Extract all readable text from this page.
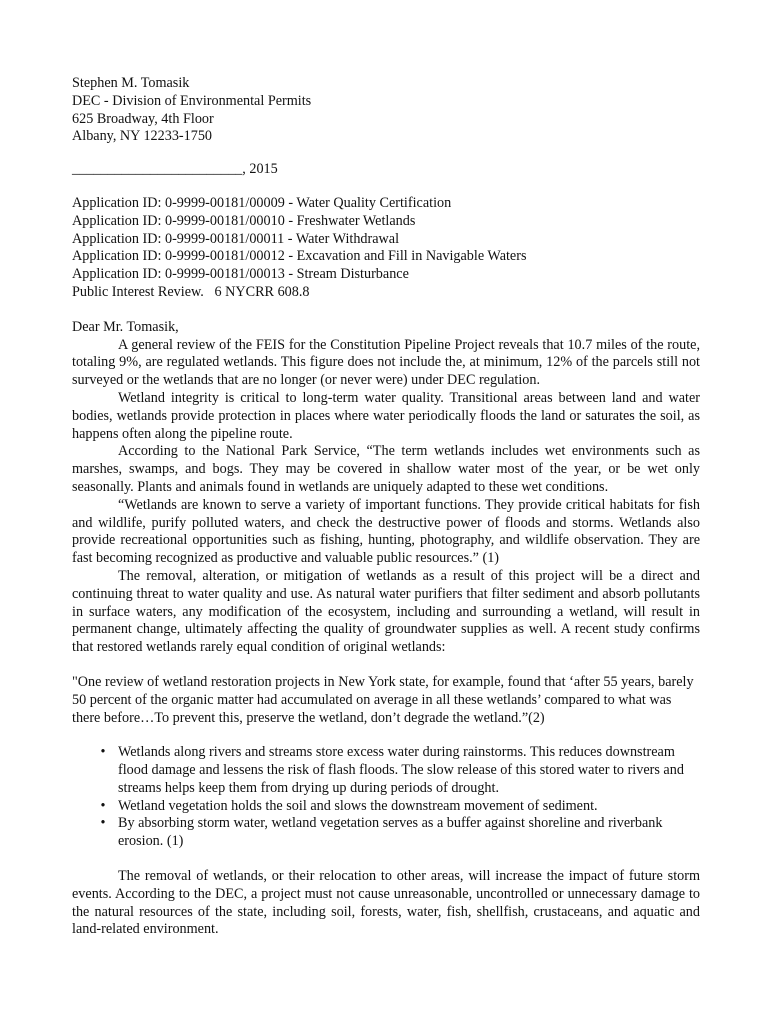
Stephen M. Tomasik
DEC - Division of Environmental Permits
625 Broadway, 4th Floor
Albany, NY 12233-1750
________________________, 2015
Application ID: 0-9999-00181/00009 - Water Quality Certification
Application ID: 0-9999-00181/00010 - Freshwater Wetlands
Application ID: 0-9999-00181/00011 - Water Withdrawal
Application ID: 0-9999-00181/00012 - Excavation and Fill in Navigable Waters
Application ID: 0-9999-00181/00013 - Stream Disturbance
Public Interest Review.   6 NYCRR 608.8
Dear Mr. Tomasik,

A general review of the FEIS for the Constitution Pipeline Project reveals that 10.7 miles of the route, totaling 9%, are regulated wetlands. This figure does not include the, at minimum, 12% of the parcels still not surveyed or the wetlands that are no longer (or never were) under DEC regulation.

Wetland integrity is critical to long-term water quality. Transitional areas between land and water bodies, wetlands provide protection in places where water periodically floods the land or saturates the soil, as happens often along the pipeline route.

According to the National Park Service, “The term wetlands includes wet environments such as marshes, swamps, and bogs. They may be covered in shallow water most of the year, or be wet only seasonally. Plants and animals found in wetlands are uniquely adapted to these wet conditions.

“Wetlands are known to serve a variety of important functions. They provide critical habitats for fish and wildlife, purify polluted waters, and check the destructive power of floods and storms. Wetlands also provide recreational opportunities such as fishing, hunting, photography, and wildlife observation. They are fast becoming recognized as productive and valuable public resources.” (1)

The removal, alteration, or mitigation of wetlands as a result of this project will be a direct and continuing threat to water quality and use. As natural water purifiers that filter sediment and absorb pollutants in surface waters, any modification of the ecosystem, including and surrounding a wetland, will result in permanent change, ultimately affecting the quality of groundwater supplies as well. A recent study confirms that restored wetlands rarely equal condition of original wetlands:

"One review of wetland restoration projects in New York state, for example, found that ‘after 55 years, barely 50 percent of the organic matter had accumulated on average in all these wetlands’ compared to what was there before…To prevent this, preserve the wetland, don’t degrade the wetland.”(2)
• Wetlands along rivers and streams store excess water during rainstorms. This reduces downstream flood damage and lessens the risk of flash floods. The slow release of this stored water to rivers and streams helps keep them from drying up during periods of drought.
• Wetland vegetation holds the soil and slows the downstream movement of sediment.
• By absorbing storm water, wetland vegetation serves as a buffer against shoreline and riverbank erosion. (1)

The removal of wetlands, or their relocation to other areas, will increase the impact of future storm events. According to the DEC, a project must not cause unreasonable, uncontrolled or unnecessary damage to the natural resources of the state, including soil, forests, water, fish, shellfish, crustaceans, and aquatic and land-related environment.
